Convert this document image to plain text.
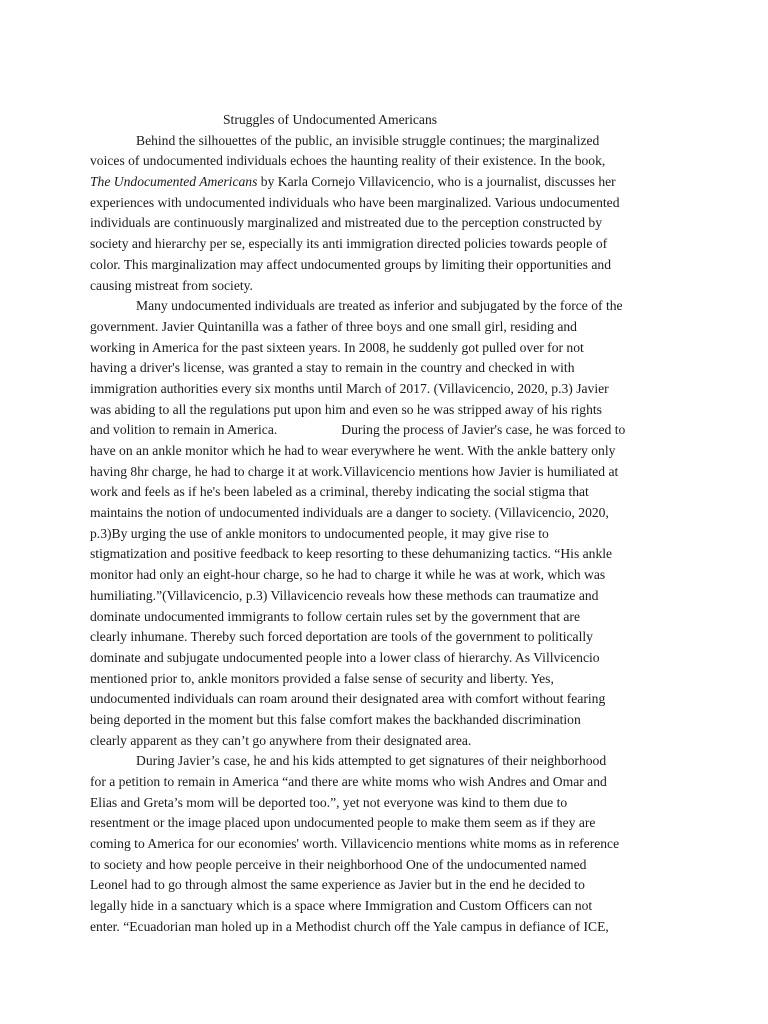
Struggles of Undocumented Americans
Behind the silhouettes of the public, an invisible struggle continues; the marginalized
voices of undocumented individuals echoes the haunting reality of their existence. In the book,
The Undocumented Americans by Karla Cornejo Villavicencio, who is a journalist, discusses her
experiences with undocumented individuals who have been marginalized. Various undocumented
individuals are continuously marginalized and mistreated due to the perception constructed by
society and hierarchy per se, especially its anti immigration directed policies towards people of
color. This marginalization may affect undocumented groups by limiting their opportunities and
causing mistreat from society.
Many undocumented individuals are treated as inferior and subjugated by the force of the
government. Javier Quintanilla was a father of three boys and one small girl, residing and
working in America for the past sixteen years. In 2008, he suddenly got pulled over for not
having a driver's license, was granted a stay to remain in the country and checked in with
immigration authorities every six months until March of 2017. (Villavicencio, 2020, p.3) Javier
was abiding to all the regulations put upon him and even so he was stripped away of his rights
and volition to remain in America.	During the process of Javier's case, he was forced to
have on an ankle monitor which he had to wear everywhere he went. With the ankle battery only
having 8hr charge, he had to charge it at work.Villavicencio mentions how Javier is humiliated at
work and feels as if he's been labeled as a criminal, thereby indicating the social stigma that
maintains the notion of undocumented individuals are a danger to society. (Villavicencio, 2020,
p.3)By urging the use of ankle monitors to undocumented people, it may give rise to
stigmatization and positive feedback to keep resorting to these dehumanizing tactics. “His ankle
monitor had only an eight-hour charge, so he had to charge it while he was at work, which was
humiliating.”(Villavicencio, p.3) Villavicencio reveals how these methods can traumatize and
dominate undocumented immigrants to follow certain rules set by the government that are
clearly inhumane. Thereby such forced deportation are tools of the government to politically
dominate and subjugate undocumented people into a lower class of hierarchy. As Villvicencio
mentioned prior to, ankle monitors provided a false sense of security and liberty. Yes,
undocumented individuals can roam around their designated area with comfort without fearing
being deported in the moment but this false comfort makes the backhanded discrimination
clearly apparent as they can’t go anywhere from their designated area.
During Javier’s case, he and his kids attempted to get signatures of their neighborhood
for a petition to remain in America “and there are white moms who wish Andres and Omar and
Elias and Greta’s mom will be deported too.”, yet not everyone was kind to them due to
resentment or the image placed upon undocumented people to make them seem as if they are
coming to America for our economies' worth. Villavicencio mentions white moms as in reference
to society and how people perceive in their neighborhood One of the undocumented named
Leonel had to go through almost the same experience as Javier but in the end he decided to
legally hide in a sanctuary which is a space where Immigration and Custom Officers can not
enter. “Ecuadorian man holed up in a Methodist church off the Yale campus in defiance of ICE,
